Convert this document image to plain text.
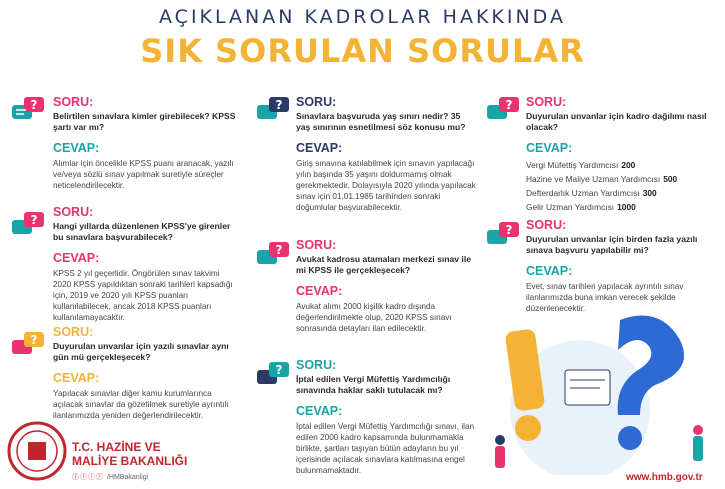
AÇIKLANAN KADROLAR HAKKINDA
SIK SORULAN SORULAR
? SORU:
Belirtilen sınavlara kimler girebilecek? KPSS şartı var mı?
CEVAP:
Alımlar için öncelikle KPSS puanı aranacak, yazılı ve/veya sözlü sınav yapılmak suretiyle süreçler neticelendirilecektir.
?
SORU:
Hangi yıllarda düzenlenen KPSS'ye girenler bu sınavlara başvurabilecek?
CEVAP:
KPSS 2 yıl geçerlidir. Öngörülen sınav takvimi 2020 KPSS yapıldıktan sonraki tarihleri kapsadığı için, 2019 ve 2020 yılı KPSS puanları kullanılabilecek, ancak 2018 KPSS puanları kullanılamayacaktır.
?
SORU:
Duyurulan unvanlar için yazılı sınavlar aynı gün mü gerçekleşecek?
CEVAP:
Yapılacak sınavlar diğer kamu kurumlarınca açılacak sınavlar da gözetilmek suretiyle ayrıntılı ilanlarımızda yeniden değerlendirilecektir.
? SORU:
Sınavlara başvuruda yaş sınırı nedir? 35 yaş sınırının esnetilmesi söz konusu mu?
CEVAP:
Giriş sınavına katılabilmek için sınavın yapılacağı yılın başında 35 yaşını doldurmamış olmak gerekmektedir. Dolayısıyla 2020 yılında yapılacak sınav için 01.01.1985 tarihinden sonraki doğumlular başvurabilecektir.
? SORU:
Avukat kadrosu atamaları merkezi sınav ile mi KPSS ile gerçekleşecek?
CEVAP:
Avukat alımı 2000 kişilik kadro dışında değerlendirilmekte olup, 2020 KPSS sınavı sonrasında detayları ilan edilecektir.
? SORU:
İptal edilen Vergi Müfettiş Yardımcılığı sınavında haklar saklı tutulacak mı?
CEVAP:
İptal edilen Vergi Müfettiş Yardımcılığı sınavı, ilan edilen 2000 kadro kapsamında bulunmamakla birlikte, şartları taşıyan bütün adayların bu yıl içerisinde açılacak sınavlara katılmasına engel bulunmamaktadır.
? SORU:
Duyurulan unvanlar için kadro dağılımı nasıl olacak?
CEVAP:
Vergi Müfettiş Yardımcısı 200
Hazine ve Maliye Uzman Yardımcısı 500
Defterdarlık Uzman Yardımcısı 300
Gelir Uzman Yardımcısı 1000
? SORU:
Duyurulan unvanlar için birden fazla yazılı sınava başvuru yapılabilir mi?
CEVAP:
Evet, sınav tarihleri yapılacak ayrıntılı sınav ilanlarımızda buna imkan verecek şekilde düzenlenecektir.
T.C. HAZİNE VE
MALİYE BAKANLIĞI
ⓕⓣⓘⓨ /HMBakanligi	www.hmb.gov.tr
